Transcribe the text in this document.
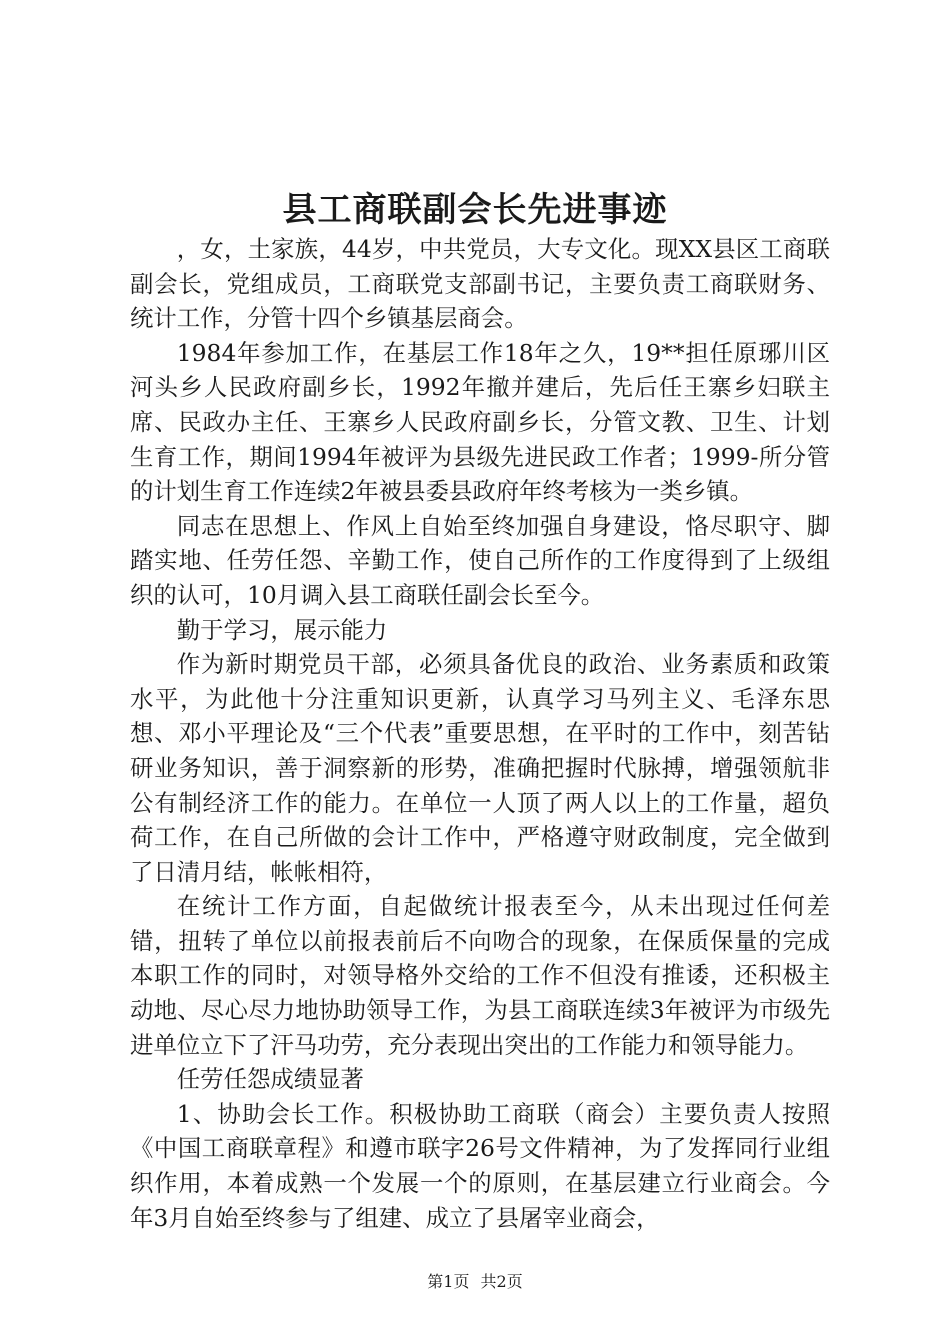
县工商联副会长先进事迹

，女，土家族，44岁，中共党员，大专文化。现XX县区工商联副会长，党组成员，工商联党支部副书记，主要负责工商联财务、统计工作，分管十四个乡镇基层商会。

1984年参加工作，在基层工作18年之久，19**担任原琊川区河头乡人民政府副乡长，1992年撤并建后，先后任王寨乡妇联主席、民政办主任、王寨乡人民政府副乡长，分管文教、卫生、计划生育工作，期间1994年被评为县级先进民政工作者；1999-所分管的计划生育工作连续2年被县委县政府年终考核为一类乡镇。

同志在思想上、作风上自始至终加强自身建设，恪尽职守、脚踏实地、任劳任怨、辛勤工作，使自己所作的工作度得到了上级组织的认可，10月调入县工商联任副会长至今。

勤于学习，展示能力

作为新时期党员干部，必须具备优良的政治、业务素质和政策水平，为此他十分注重知识更新，认真学习马列主义、毛泽东思想、邓小平理论及“三个代表”重要思想，在平时的工作中，刻苦钻研业务知识，善于洞察新的形势，准确把握时代脉搏，增强领航非公有制经济工作的能力。在单位一人顶了两人以上的工作量，超负荷工作，在自己所做的会计工作中，严格遵守财政制度，完全做到了日清月结，帐帐相符，

在统计工作方面，自起做统计报表至今，从未出现过任何差错，扭转了单位以前报表前后不向吻合的现象，在保质保量的完成本职工作的同时，对领导格外交给的工作不但没有推诿，还积极主动地、尽心尽力地协助领导工作，为县工商联连续3年被评为市级先进单位立下了汗马功劳，充分表现出突出的工作能力和领导能力。

任劳任怨成绩显著

1、协助会长工作。积极协助工商联（商会）主要负责人按照《中国工商联章程》和遵市联字26号文件精神，为了发挥同行业组织作用，本着成熟一个发展一个的原则，在基层建立行业商会。今年3月自始至终参与了组建、成立了县屠宰业商会，

第1页 共2页
